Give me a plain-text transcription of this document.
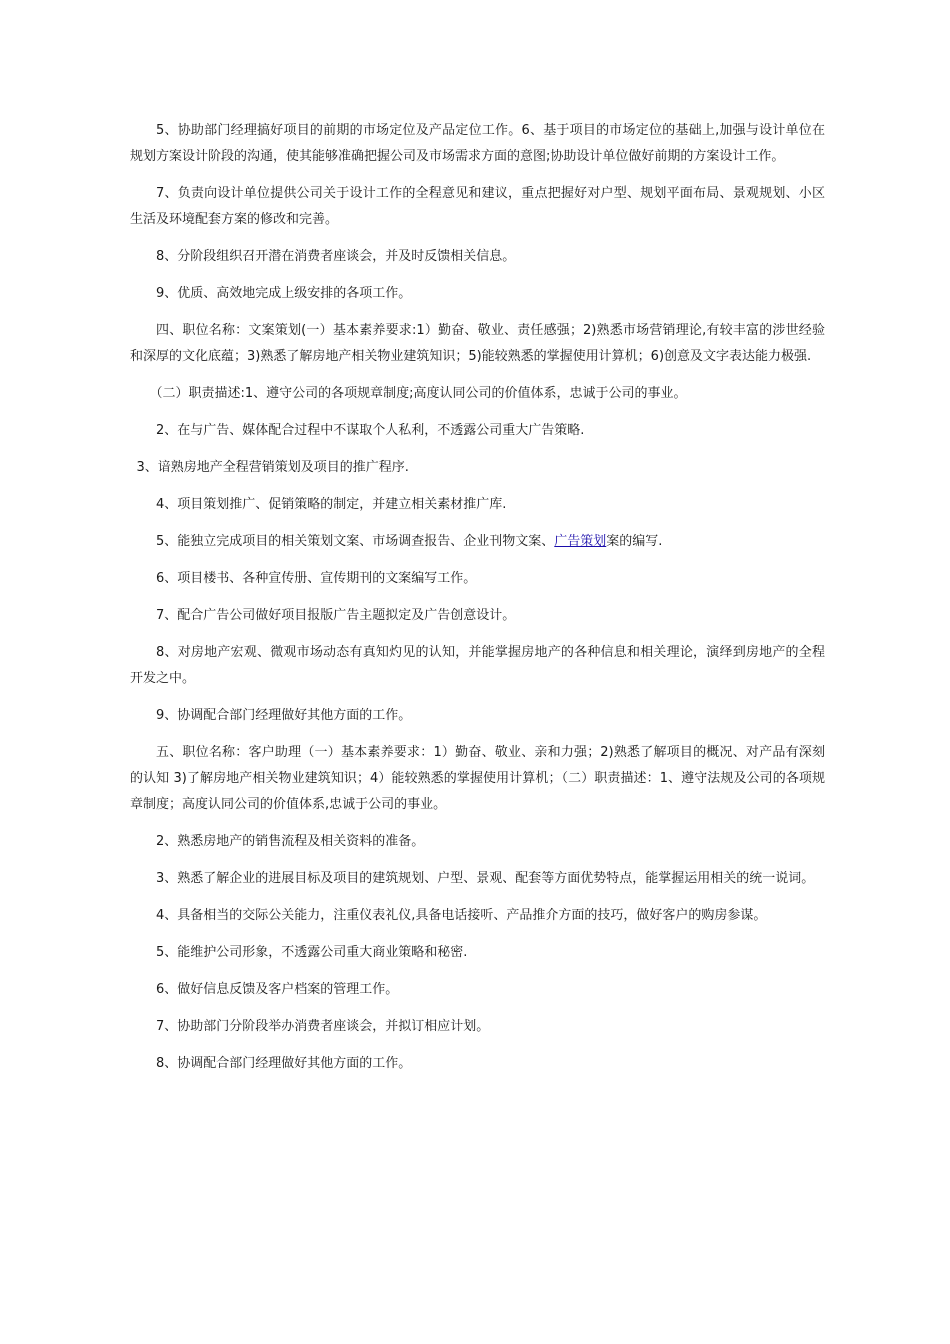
5、协助部门经理搞好项目的前期的市场定位及产品定位工作。6、基于项目的市场定位的基础上,加强与设计单位在规划方案设计阶段的沟通，使其能够准确把握公司及市场需求方面的意图;协助设计单位做好前期的方案设计工作。

7、负责向设计单位提供公司关于设计工作的全程意见和建议，重点把握好对户型、规划平面布局、景观规划、小区生活及环境配套方案的修改和完善。

8、分阶段组织召开潜在消费者座谈会，并及时反馈相关信息。

9、优质、高效地完成上级安排的各项工作。

四、职位名称：文案策划(一）基本素养要求:1）勤奋、敬业、责任感强；2)熟悉市场营销理论,有较丰富的涉世经验和深厚的文化底蕴；3)熟悉了解房地产相关物业建筑知识；5)能较熟悉的掌握使用计算机；6)创意及文字表达能力极强.

（二）职责描述:1、遵守公司的各项规章制度;高度认同公司的价值体系，忠诚于公司的事业。

2、在与广告、媒体配合过程中不谋取个人私利，不透露公司重大广告策略.

3、谙熟房地产全程营销策划及项目的推广程序.

4、项目策划推广、促销策略的制定，并建立相关素材推广库.

5、能独立完成项目的相关策划文案、市场调查报告、企业刊物文案、广告策划案的编写.

6、项目楼书、各种宣传册、宣传期刊的文案编写工作。

7、配合广告公司做好项目报版广告主题拟定及广告创意设计。

8、对房地产宏观、微观市场动态有真知灼见的认知，并能掌握房地产的各种信息和相关理论，演绎到房地产的全程开发之中。

9、协调配合部门经理做好其他方面的工作。

五、职位名称：客户助理（一）基本素养要求：1）勤奋、敬业、亲和力强；2)熟悉了解项目的概况、对产品有深刻的认知 3)了解房地产相关物业建筑知识；4）能较熟悉的掌握使用计算机；（二）职责描述：1、遵守法规及公司的各项规章制度；高度认同公司的价值体系,忠诚于公司的事业。

2、熟悉房地产的销售流程及相关资料的准备。

3、熟悉了解企业的进展目标及项目的建筑规划、户型、景观、配套等方面优势特点，能掌握运用相关的统一说词。

4、具备相当的交际公关能力，注重仪表礼仪,具备电话接听、产品推介方面的技巧，做好客户的购房参谋。

5、能维护公司形象，不透露公司重大商业策略和秘密.

6、做好信息反馈及客户档案的管理工作。

7、协助部门分阶段举办消费者座谈会，并拟订相应计划。

8、协调配合部门经理做好其他方面的工作。
